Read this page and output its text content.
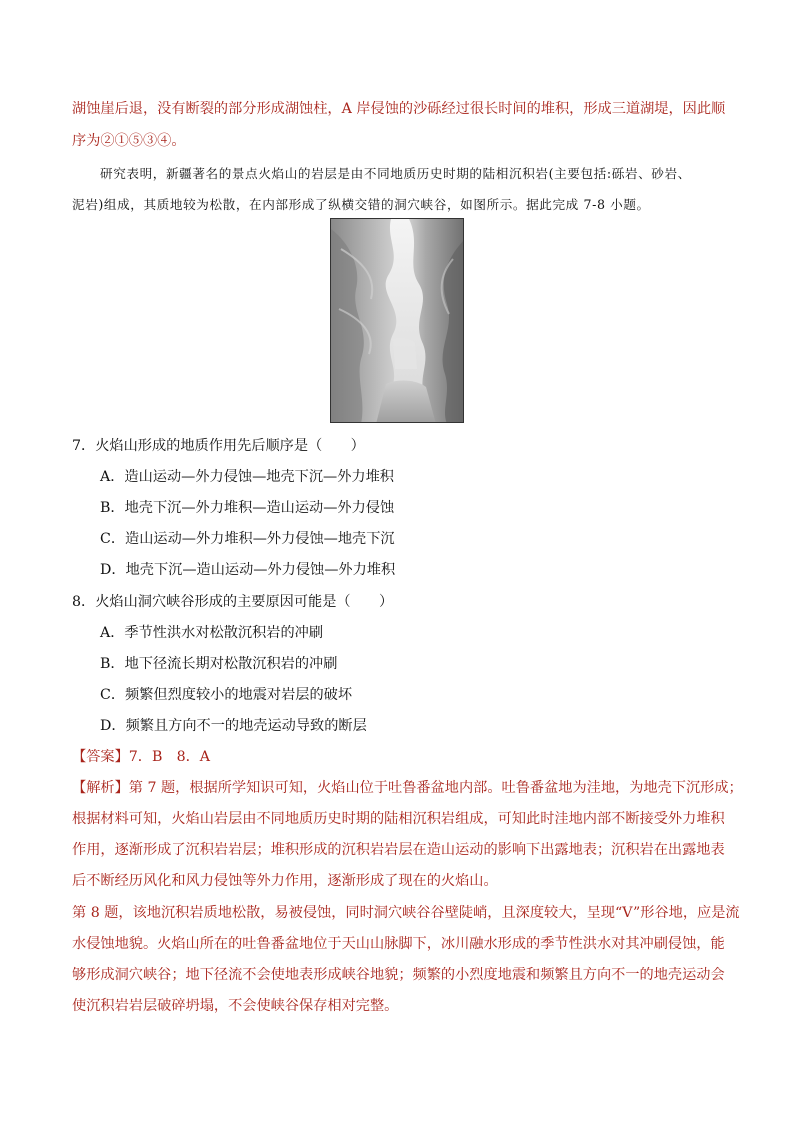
湖蚀崖后退，没有断裂的部分形成湖蚀柱，A 岸侵蚀的沙砾经过很长时间的堆积，形成三道湖堤，因此顺
序为②①⑤③④。
研究表明，新疆著名的景点火焰山的岩层是由不同地质历史时期的陆相沉积岩(主要包括:砾岩、砂岩、
泥岩)组成，其质地较为松散，在内部形成了纵横交错的洞穴峡谷，如图所示。据此完成 7-8 小题。
7．火焰山形成的地质作用先后顺序是（　　）
A．造山运动—外力侵蚀—地壳下沉—外力堆积
B．地壳下沉—外力堆积—造山运动—外力侵蚀
C．造山运动—外力堆积—外力侵蚀—地壳下沉
D．地壳下沉—造山运动—外力侵蚀—外力堆积
8．火焰山洞穴峡谷形成的主要原因可能是（　　）
A．季节性洪水对松散沉积岩的冲刷
B．地下径流长期对松散沉积岩的冲刷
C．频繁但烈度较小的地震对岩层的破坏
D．频繁且方向不一的地壳运动导致的断层
【答案】7．B　8．A
【解析】第 7 题，根据所学知识可知，火焰山位于吐鲁番盆地内部。吐鲁番盆地为洼地，为地壳下沉形成；
根据材料可知，火焰山岩层由不同地质历史时期的陆相沉积岩组成，可知此时洼地内部不断接受外力堆积
作用，逐渐形成了沉积岩岩层；堆积形成的沉积岩岩层在造山运动的影响下出露地表；沉积岩在出露地表
后不断经历风化和风力侵蚀等外力作用，逐渐形成了现在的火焰山。
第 8 题，该地沉积岩质地松散，易被侵蚀，同时洞穴峡谷谷壁陡峭，且深度较大，呈现“V”形谷地，应是流
水侵蚀地貌。火焰山所在的吐鲁番盆地位于天山山脉脚下，冰川融水形成的季节性洪水对其冲刷侵蚀，能
够形成洞穴峡谷；地下径流不会使地表形成峡谷地貌；频繁的小烈度地震和频繁且方向不一的地壳运动会
使沉积岩岩层破碎坍塌，不会使峡谷保存相对完整。
